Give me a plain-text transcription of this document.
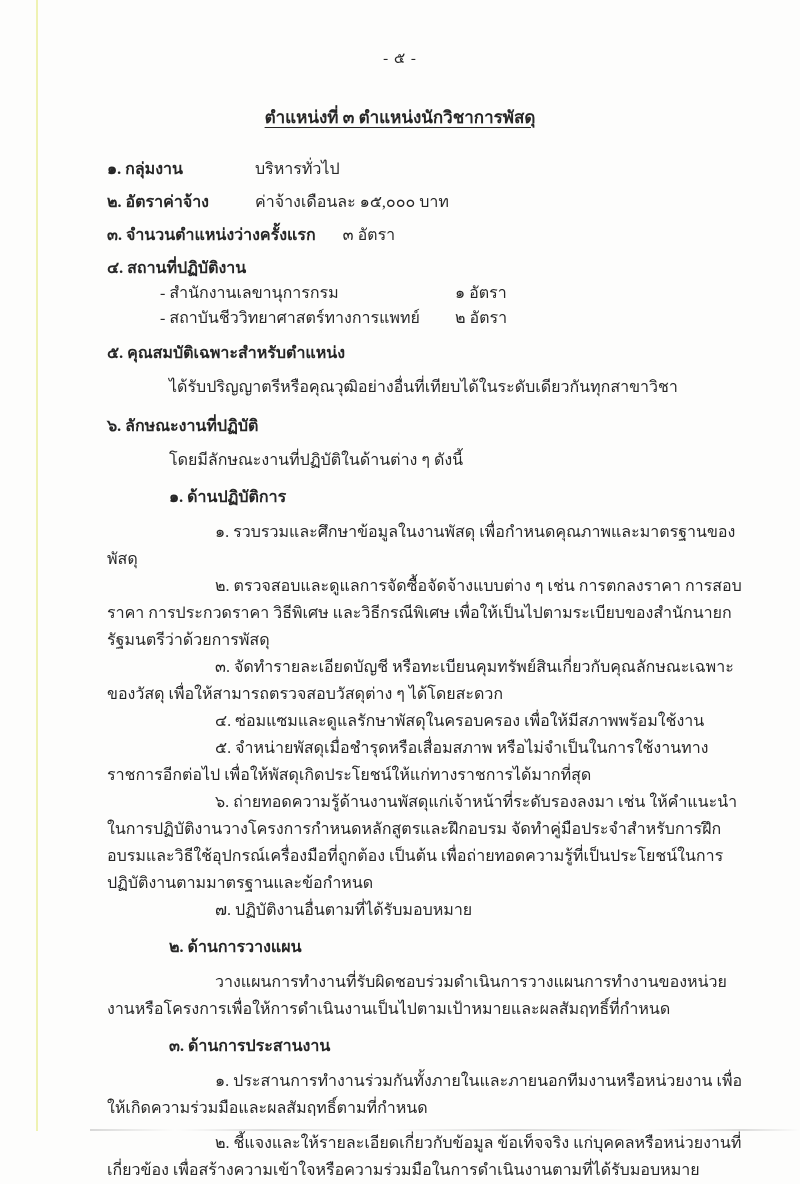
- ๕ -
ตำแหน่งที่ ๓ ตำแหน่งนักวิชาการพัสดุ
๑. กลุ่มงาน	บริหารทั่วไป
๒. อัตราค่าจ้าง	ค่าจ้างเดือนละ ๑๕,๐๐๐ บาท
๓. จำนวนตำแหน่งว่างครั้งแรก ๓ อัตรา
๔. สถานที่ปฏิบัติงาน
- สำนักงานเลขานุการกรม	๑ อัตรา
- สถาบันชีววิทยาศาสตร์ทางการแพทย์	๒ อัตรา
๕. คุณสมบัติเฉพาะสำหรับตำแหน่ง
ได้รับปริญญาตรีหรือคุณวุฒิอย่างอื่นที่เทียบได้ในระดับเดียวกันทุกสาขาวิชา
๖. ลักษณะงานที่ปฏิบัติ
โดยมีลักษณะงานที่ปฏิบัติในด้านต่าง ๆ ดังนี้
๑. ด้านปฏิบัติการ

๑. รวบรวมและศึกษาข้อมูลในงานพัสดุ เพื่อกำหนดคุณภาพและมาตรฐานของพัสดุ

๒. ตรวจสอบและดูแลการจัดซื้อจัดจ้างแบบต่าง ๆ เช่น การตกลงราคา การสอบราคา การประกวดราคา วิธีพิเศษ และวิธีกรณีพิเศษ เพื่อให้เป็นไปตามระเบียบของสำนักนายกรัฐมนตรีว่าด้วยการพัสดุ

๓. จัดทำรายละเอียดบัญชี หรือทะเบียนคุมทรัพย์สินเกี่ยวกับคุณลักษณะเฉพาะของวัสดุ เพื่อให้สามารถตรวจสอบวัสดุต่าง ๆ ได้โดยสะดวก

๔. ซ่อมแซมและดูแลรักษาพัสดุในครอบครอง เพื่อให้มีสภาพพร้อมใช้งาน

๕. จำหน่ายพัสดุเมื่อชำรุดหรือเสื่อมสภาพ หรือไม่จำเป็นในการใช้งานทางราชการอีกต่อไป เพื่อให้พัสดุเกิดประโยชน์ให้แก่ทางราชการได้มากที่สุด

๖. ถ่ายทอดความรู้ด้านงานพัสดุแก่เจ้าหน้าที่ระดับรองลงมา เช่น ให้คำแนะนำในการปฏิบัติงานวางโครงการกำหนดหลักสูตรและฝึกอบรม จัดทำคู่มือประจำสำหรับการฝึกอบรมและวิธีใช้อุปกรณ์เครื่องมือที่ถูกต้อง เป็นต้น เพื่อถ่ายทอดความรู้ที่เป็นประโยชน์ในการปฏิบัติงานตามมาตรฐานและข้อกำหนด

๗. ปฏิบัติงานอื่นตามที่ได้รับมอบหมาย

๒. ด้านการวางแผน

วางแผนการทำงานที่รับผิดชอบร่วมดำเนินการวางแผนการทำงานของหน่วยงานหรือโครงการเพื่อให้การดำเนินงานเป็นไปตามเป้าหมายและผลสัมฤทธิ์ที่กำหนด

๓. ด้านการประสานงาน

๑. ประสานการทำงานร่วมกันทั้งภายในและภายนอกทีมงานหรือหน่วยงาน เพื่อให้เกิดความร่วมมือและผลสัมฤทธิ์ตามที่กำหนด

๒. ชี้แจงและให้รายละเอียดเกี่ยวกับข้อมูล ข้อเท็จจริง แก่บุคคลหรือหน่วยงานที่เกี่ยวข้อง เพื่อสร้างความเข้าใจหรือความร่วมมือในการดำเนินงานตามที่ได้รับมอบหมาย
